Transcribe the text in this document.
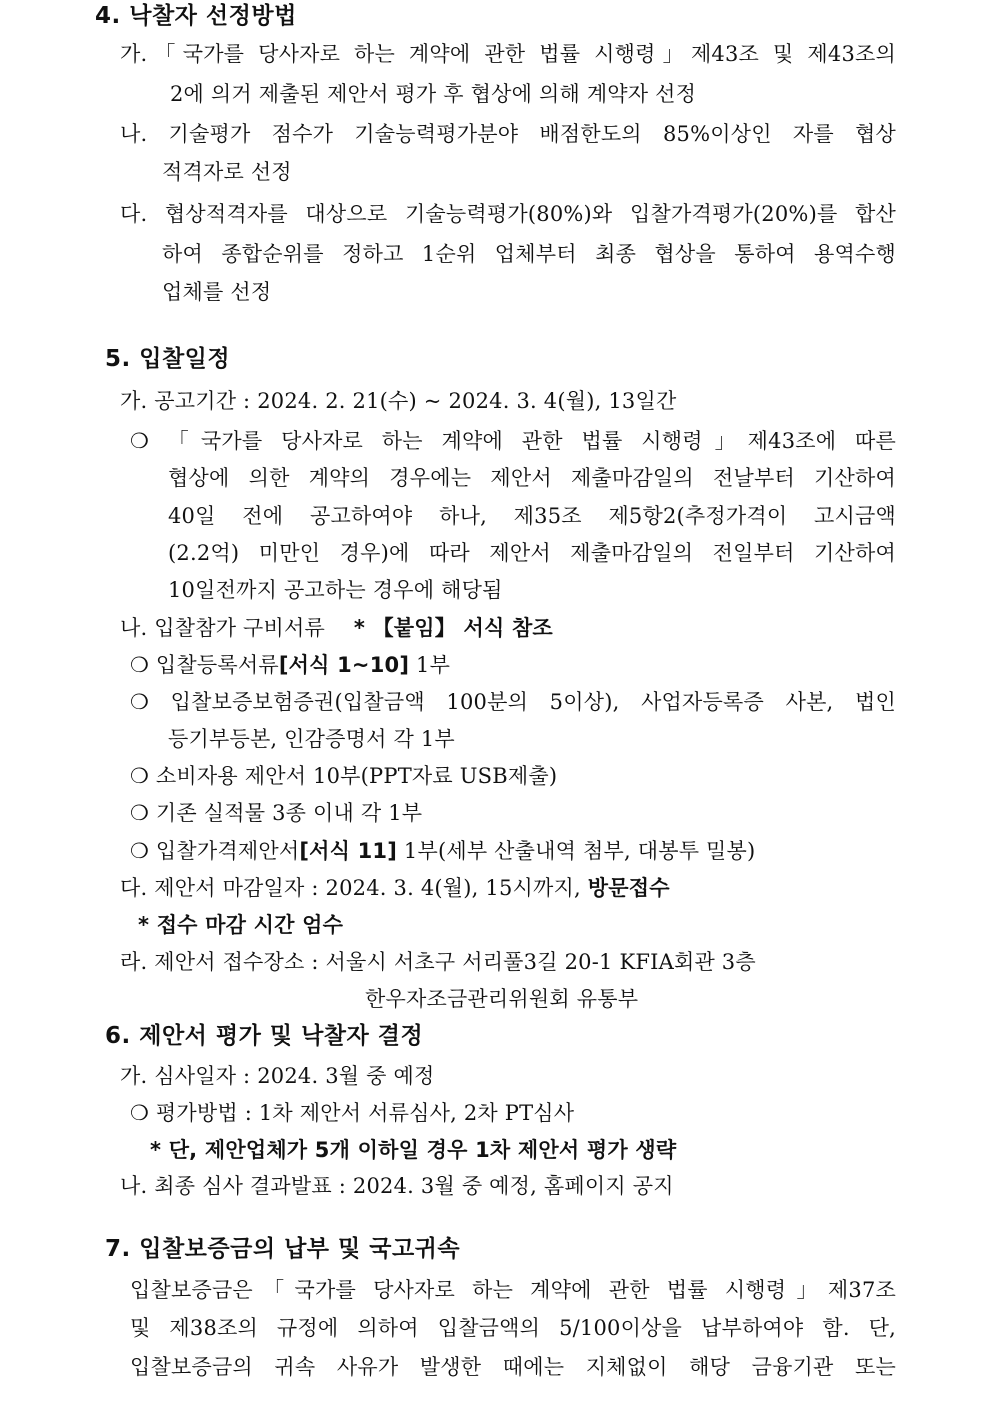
4. 낙찰자 선정방법
가.「국가를 당사자로 하는 계약에 관한 법률 시행령」제43조 및 제43조의
2에 의거 제출된 제안서 평가 후 협상에 의해 계약자 선정
나. 기술평가 점수가 기술능력평가분야 배점한도의 85%이상인 자를 협상
적격자로 선정
다. 협상적격자를 대상으로 기술능력평가(80%)와 입찰가격평가(20%)를 합산
하여 종합순위를 정하고 1순위 업체부터 최종 협상을 통하여 용역수행
업체를 선정
5. 입찰일정
가. 공고기간 : 2024. 2. 21(수) ~ 2024. 3. 4(월), 13일간
❍ 「국가를 당사자로 하는 계약에 관한 법률 시행령」제43조에 따른
협상에 의한 계약의 경우에는 제안서 제출마감일의 전날부터 기산하여
40일 전에 공고하여야 하나, 제35조 제5항2(추정가격이 고시금액
(2.2억) 미만인 경우)에 따라 제안서 제출마감일의 전일부터 기산하여
10일전까지 공고하는 경우에 해당됨
나. 입찰참가 구비서류 * 【붙임】 서식 참조
❍ 입찰등록서류[서식 1~10] 1부
❍ 입찰보증보험증권(입찰금액 100분의 5이상), 사업자등록증 사본, 법인
등기부등본, 인감증명서 각 1부
❍ 소비자용 제안서 10부(PPT자료 USB제출)
❍ 기존 실적물 3종 이내 각 1부
❍ 입찰가격제안서[서식 11] 1부(세부 산출내역 첨부, 대봉투 밀봉)
다. 제안서 마감일자 : 2024. 3. 4(월), 15시까지, 방문접수
* 접수 마감 시간 엄수
라. 제안서 접수장소 : 서울시 서초구 서리풀3길 20-1 KFIA회관 3층
한우자조금관리위원회 유통부
6. 제안서 평가 및 낙찰자 결정
가. 심사일자 : 2024. 3월 중 예정
❍ 평가방법 : 1차 제안서 서류심사, 2차 PT심사
* 단, 제안업체가 5개 이하일 경우 1차 제안서 평가 생략
나. 최종 심사 결과발표 : 2024. 3월 중 예정, 홈페이지 공지
7. 입찰보증금의 납부 및 국고귀속
입찰보증금은「국가를 당사자로 하는 계약에 관한 법률 시행령」제37조
및 제38조의 규정에 의하여 입찰금액의 5/100이상을 납부하여야 함. 단,
입찰보증금의 귀속 사유가 발생한 때에는 지체없이 해당 금융기관 또는
